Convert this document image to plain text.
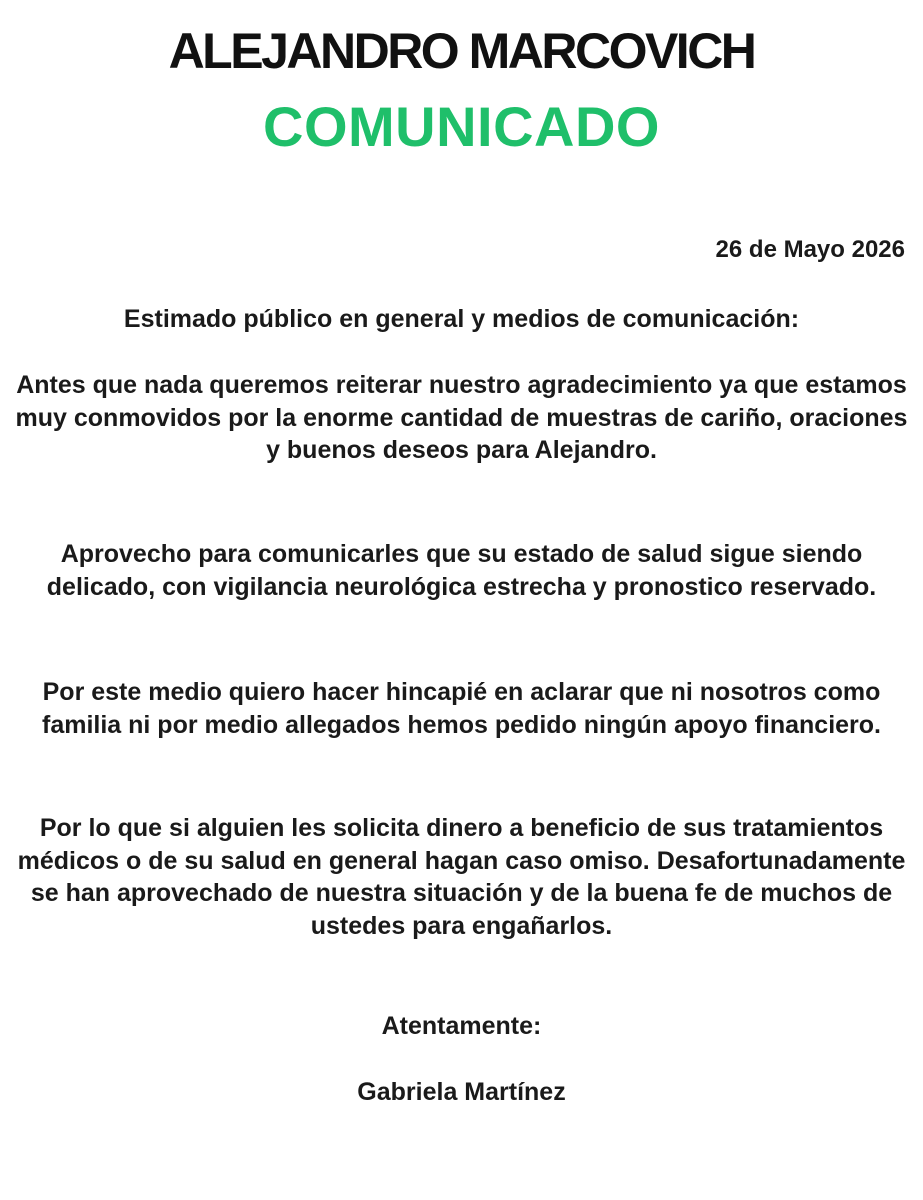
ALEJANDRO MARCOVICH
COMUNICADO
26 de Mayo 2026

Estimado público en general y medios de comunicación:

Antes que nada queremos reiterar nuestro agradecimiento ya que estamos muy conmovidos por la enorme cantidad de muestras de cariño, oraciones y buenos deseos para Alejandro.

Aprovecho para comunicarles que su estado de salud sigue siendo delicado, con vigilancia neurológica estrecha y pronostico reservado.

Por este medio quiero hacer hincapié en aclarar que ni nosotros como familia ni por medio allegados hemos pedido ningún apoyo financiero.

Por lo que si alguien les solicita dinero a beneficio de sus tratamientos médicos o de su salud en general hagan caso omiso. Desafortunadamente se han aprovechado de nuestra situación y de la buena fe de muchos de ustedes para engañarlos.

Atentamente:

Gabriela Martínez
